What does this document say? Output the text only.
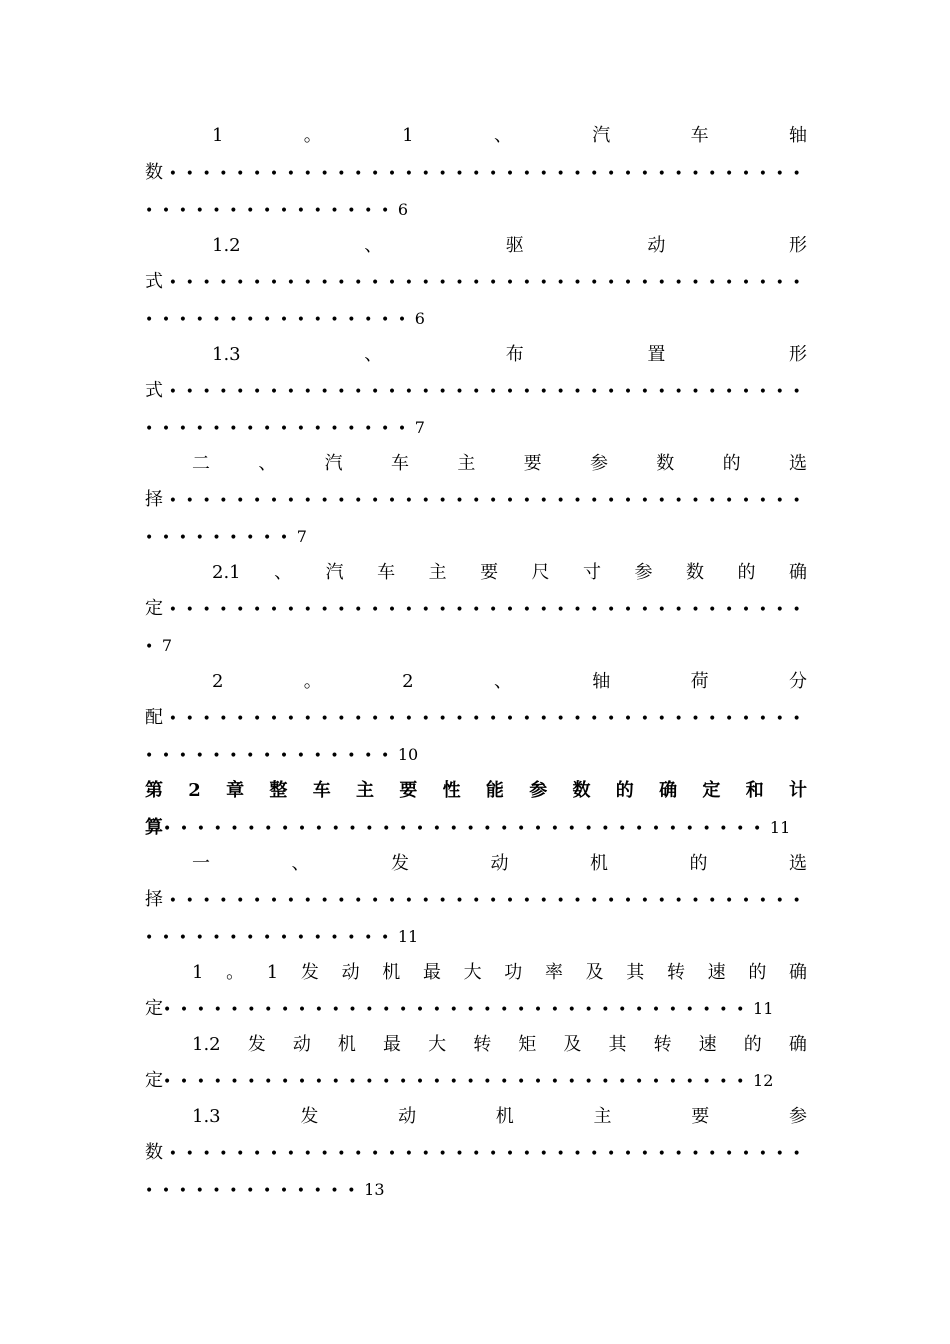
1	。	1	、	汽	车	轴
数 ••••••••••••••••••••••••••••••••••••••
•••••••••••••••6
1.2	、	驱	动	形
式 ••••••••••••••••••••••••••••••••••••••
••••••••••••••••6
1.3	、	布	置	形
式 ••••••••••••••••••••••••••••••••••••••
••••••••••••••••7
二	、	汽	车	主	要	参	数	的	选
择 ••••••••••••••••••••••••••••••••••••••
•••••••••7
2.1 、 汽 车 主 要 尺 寸 参 数 的 确
定 ••••••••••••••••••••••••••••••••••••••
•7
2	。	2	、	轴	荷	分
配 ••••••••••••••••••••••••••••••••••••••
•••••••••••••••10
第 2 章 整 车 主 要 性 能 参 数 的 确 定 和 计
算••••••••••••••••••••••••••••••••••••11
一	、	发	动	机	的	选
择 ••••••••••••••••••••••••••••••••••••••
•••••••••••••••11
1 。 1 发 动 机 最 大 功 率 及 其 转 速 的 确
定•••••••••••••••••••••••••••••••••••11
1.2 发 动 机 最 大 转 矩 及 其 转 速 的 确
定•••••••••••••••••••••••••••••••••••12
1.3	发	动	机	主	要	参
数 ••••••••••••••••••••••••••••••••••••••
•••••••••••••13
